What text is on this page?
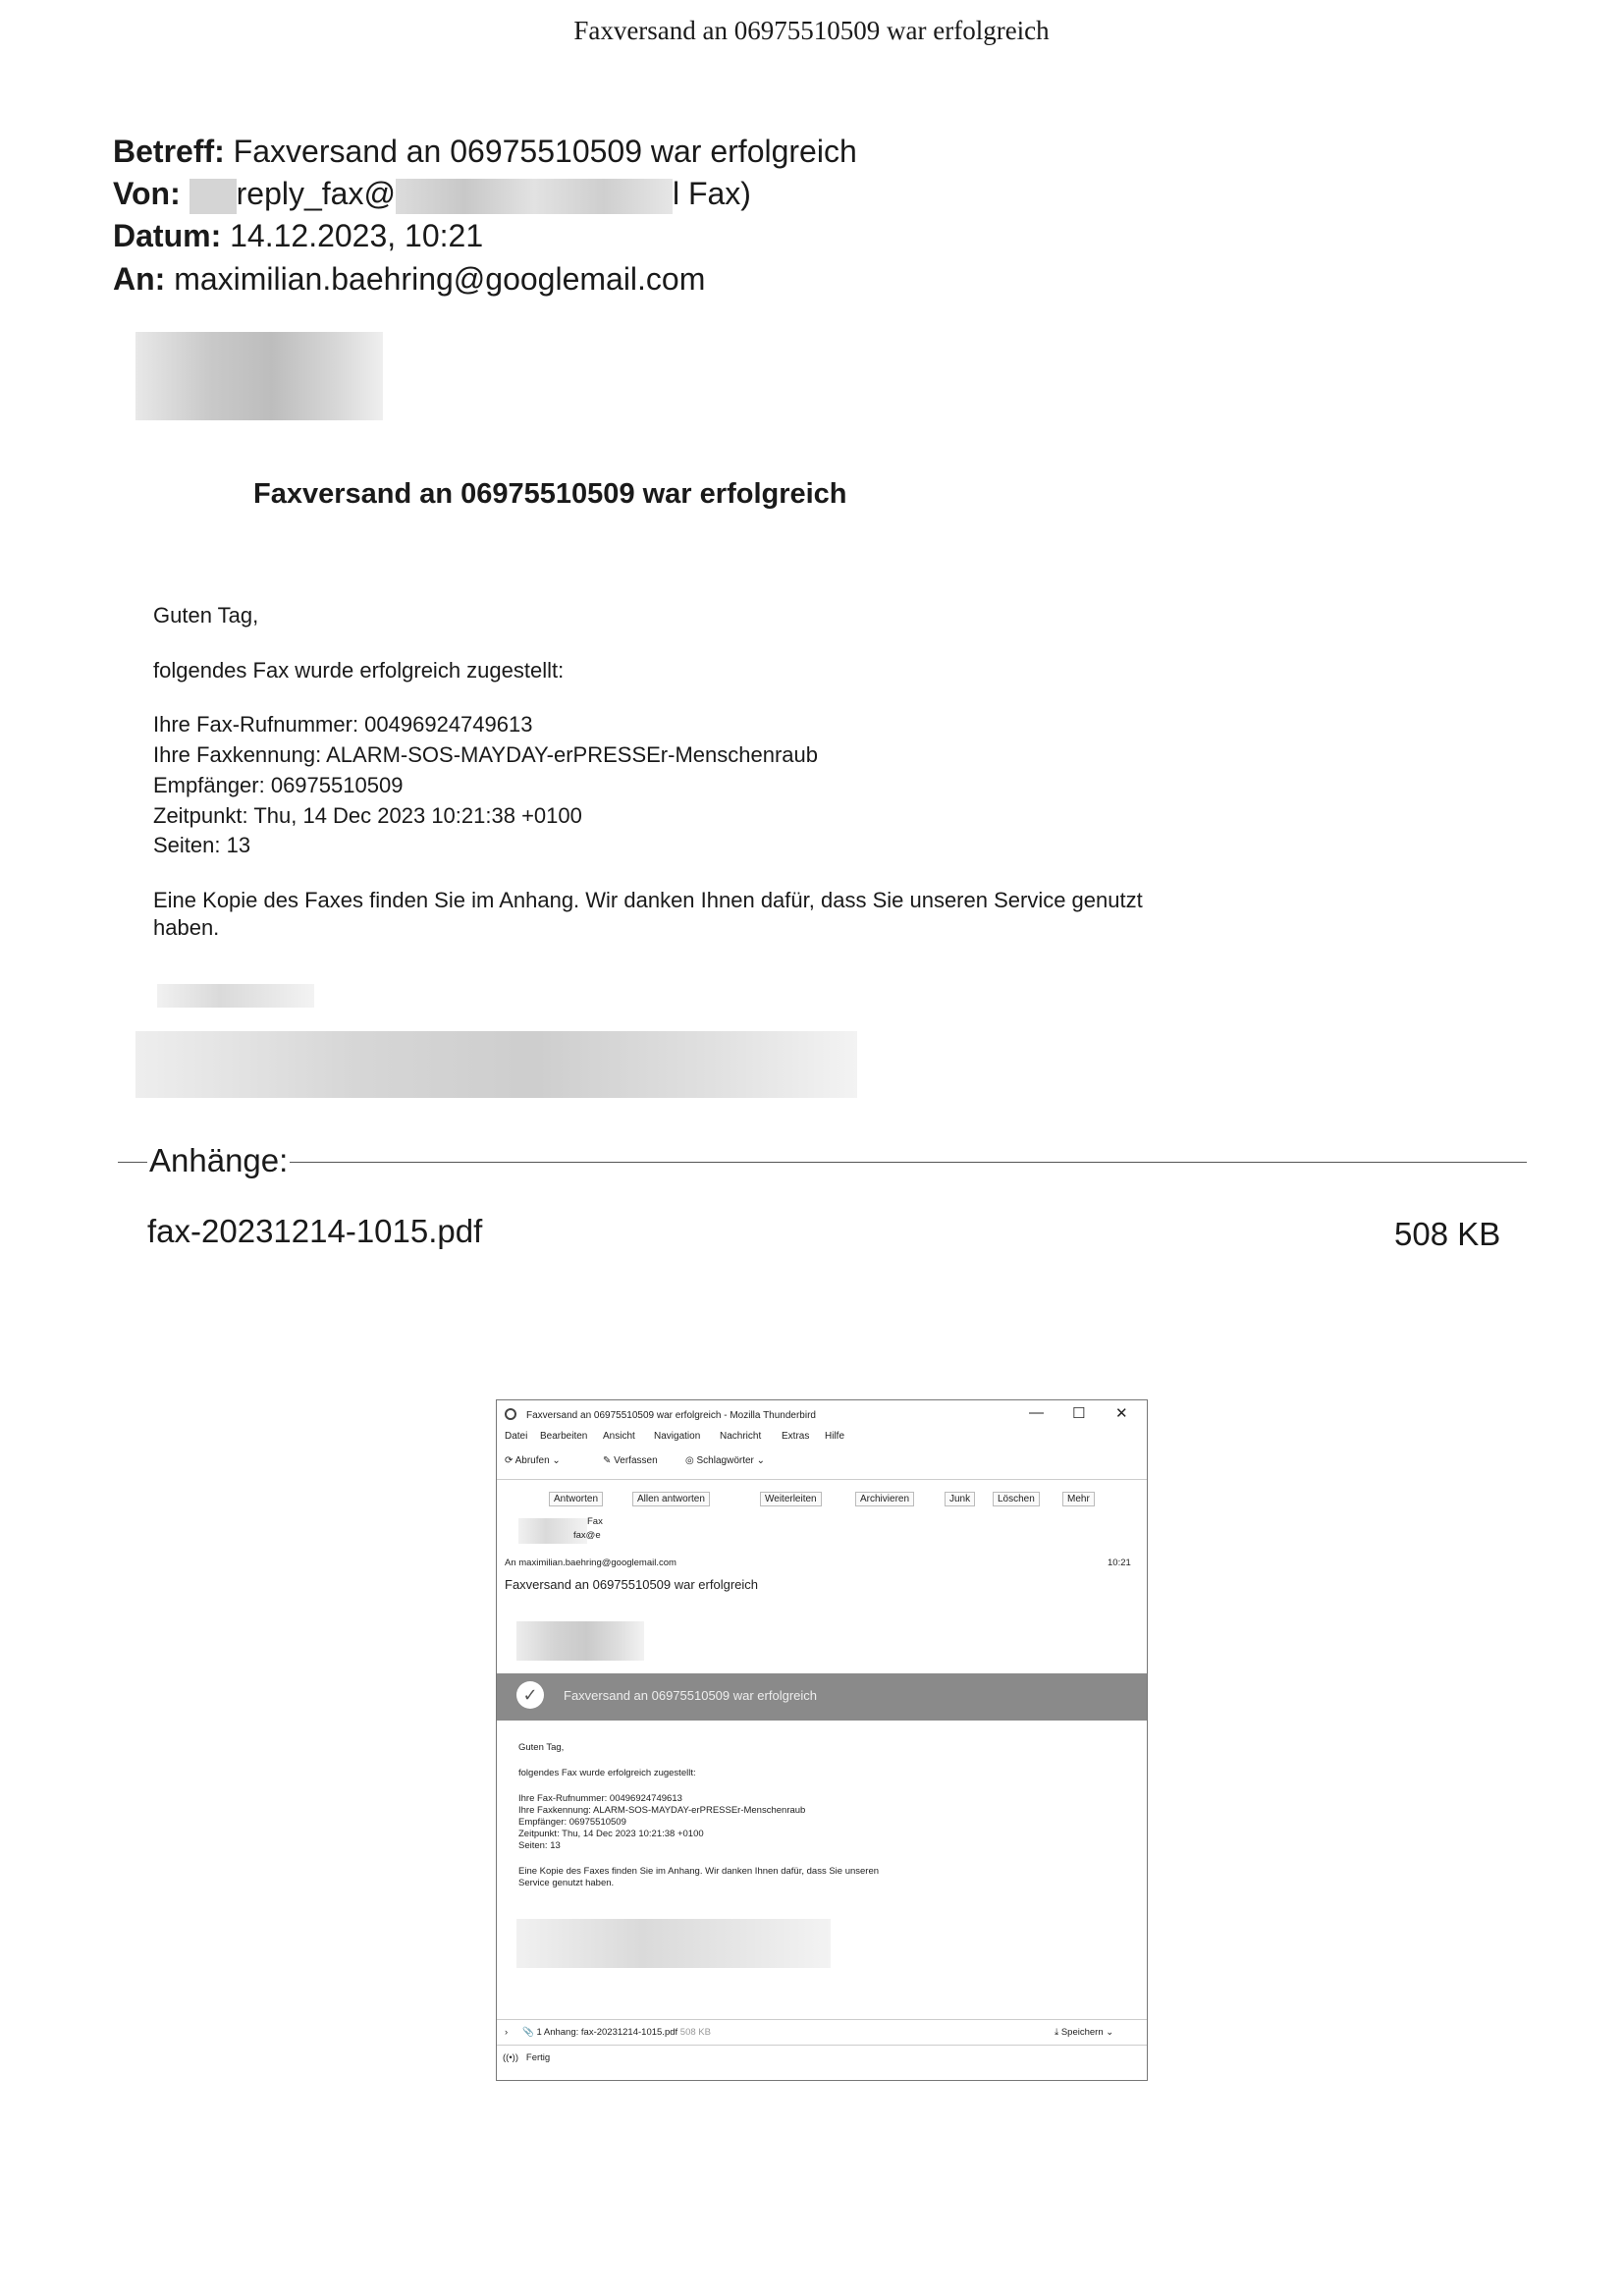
Faxversand an 06975510509 war erfolgreich
Betreff: Faxversand an 06975510509 war erfolgreich
Von: reply_fax@	l Fax)
Datum: 14.12.2023, 10:21
An: maximilian.baehring@googlemail.com
Faxversand an 06975510509 war erfolgreich
Guten Tag,
folgendes Fax wurde erfolgreich zugestellt:
Ihre Fax-Rufnummer: 00496924749613
Ihre Faxkennung: ALARM-SOS-MAYDAY-erPRESSEr-Menschenraub
Empfänger: 06975510509
Zeitpunkt: Thu, 14 Dec 2023 10:21:38 +0100
Seiten: 13
Eine Kopie des Faxes finden Sie im Anhang. Wir danken Ihnen dafür, dass Sie unseren Service genutzt
haben.
Anhänge:
fax-20231214-1015.pdf	508 KB
Faxversand an 06975510509 war erfolgreich - Mozilla Thunderbird	— ☐ ✕
Datei Bearbeiten Ansicht Navigation Nachricht Extras Hilfe
⟳ Abrufen ⌄	✎ Verfassen	◎ Schlagwörter ⌄
Antworten	Allen antworten	Weiterleiten	Archivieren	Junk	Löschen	Mehr
Fax
fax@e
An maximilian.baehring@googlemail.com	10:21
Faxversand an 06975510509 war erfolgreich
✓	Faxversand an 06975510509 war erfolgreich
Guten Tag,
folgendes Fax wurde erfolgreich zugestellt:
Ihre Fax-Rufnummer: 00496924749613
Ihre Faxkennung: ALARM-SOS-MAYDAY-erPRESSEr-Menschenraub
Empfänger: 06975510509
Zeitpunkt: Thu, 14 Dec 2023 10:21:38 +0100
Seiten: 13
Eine Kopie des Faxes finden Sie im Anhang. Wir danken Ihnen dafür, dass Sie unseren
Service genutzt haben.
› 📎 1 Anhang: fax-20231214-1015.pdf 508 KB	⤓ Speichern ⌄
((•))   Fertig
